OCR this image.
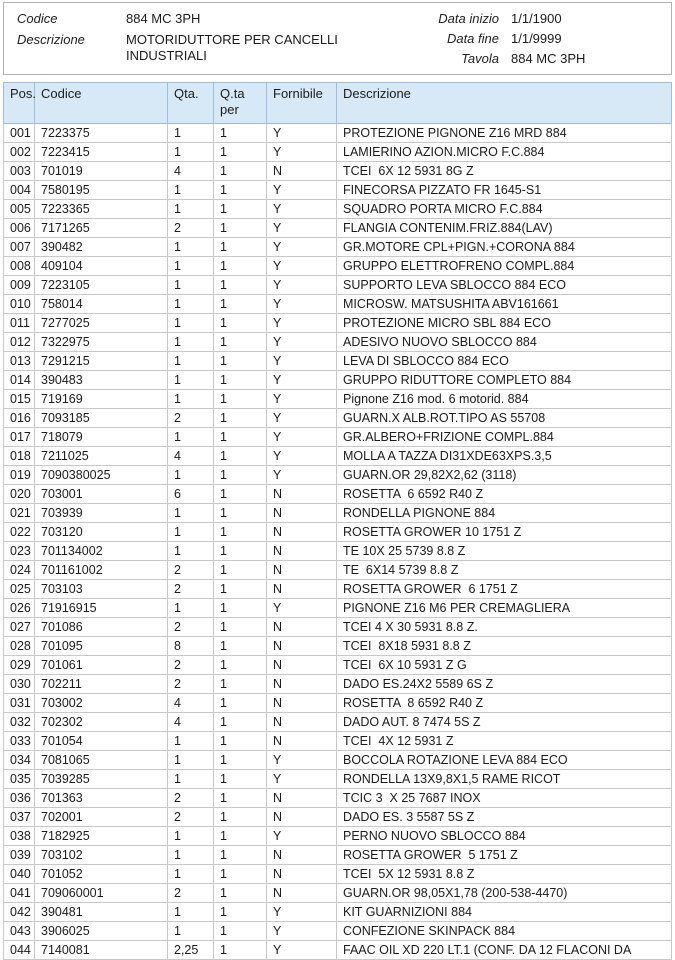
Codice	884 MC 3PH
Descrizione	MOTORIDUTTORE PER CANCELLI INDUSTRIALI
Data inizio 1/1/1900
Data fine 1/1/9999
Tavola 884 MC 3PH
Pos.	Codice	Qta.	Q.ta per	Fornibile	Descrizione
001	7223375	1	1	Y	PROTEZIONE PIGNONE Z16 MRD 884
002	7223415	1	1	Y	LAMIERINO AZION.MICRO F.C.884
003	701019	4	1	N	TCEI  6X 12 5931 8G Z
004	7580195	1	1	Y	FINECORSA PIZZATO FR 1645-S1
005	7223365	1	1	Y	SQUADRO PORTA MICRO F.C.884
006	7171265	2	1	Y	FLANGIA CONTENIM.FRIZ.884(LAV)
007	390482	1	1	Y	GR.MOTORE CPL+PIGN.+CORONA 884
008	409104	1	1	Y	GRUPPO ELETTROFRENO COMPL.884
009	7223105	1	1	Y	SUPPORTO LEVA SBLOCCO 884 ECO
010	758014	1	1	Y	MICROSW. MATSUSHITA ABV161661
011	7277025	1	1	Y	PROTEZIONE MICRO SBL 884 ECO
012	7322975	1	1	Y	ADESIVO NUOVO SBLOCCO 884
013	7291215	1	1	Y	LEVA DI SBLOCCO 884 ECO
014	390483	1	1	Y	GRUPPO RIDUTTORE COMPLETO 884
015	719169	1	1	Y	Pignone Z16 mod. 6 motorid. 884
016	7093185	2	1	Y	GUARN.X ALB.ROT.TIPO AS 55708
017	718079	1	1	Y	GR.ALBERO+FRIZIONE COMPL.884
018	7211025	4	1	Y	MOLLA A TAZZA DI31XDE63XPS.3,5
019	7090380025	1	1	Y	GUARN.OR 29,82X2,62 (3118)
020	703001	6	1	N	ROSETTA  6 6592 R40 Z
021	703939	1	1	N	RONDELLA PIGNONE 884
022	703120	1	1	N	ROSETTA GROWER 10 1751 Z
023	701134002	1	1	N	TE 10X 25 5739 8.8 Z
024	701161002	2	1	N	TE  6X14 5739 8.8 Z
025	703103	2	1	N	ROSETTA GROWER  6 1751 Z
026	71916915	1	1	Y	PIGNONE Z16 M6 PER CREMAGLIERA
027	701086	2	1	N	TCEI 4 X 30 5931 8.8 Z.
028	701095	8	1	N	TCEI  8X18 5931 8.8 Z
029	701061	2	1	N	TCEI  6X 10 5931 Z G
030	702211	2	1	N	DADO ES.24X2 5589 6S Z
031	703002	4	1	N	ROSETTA  8 6592 R40 Z
032	702302	4	1	N	DADO AUT. 8 7474 5S Z
033	701054	1	1	N	TCEI  4X 12 5931 Z
034	7081065	1	1	Y	BOCCOLA ROTAZIONE LEVA 884 ECO
035	7039285	1	1	Y	RONDELLA 13X9,8X1,5 RAME RICOT
036	701363	2	1	N	TCIC 3  X 25 7687 INOX
037	702001	2	1	N	DADO ES. 3 5587 5S Z
038	7182925	1	1	Y	PERNO NUOVO SBLOCCO 884
039	703102	1	1	N	ROSETTA GROWER  5 1751 Z
040	701052	1	1	N	TCEI  5X 12 5931 8.8 Z
041	709060001	2	1	N	GUARN.OR 98,05X1,78 (200-538-4470)
042	390481	1	1	Y	KIT GUARNIZIONI 884
043	3906025	1	1	Y	CONFEZIONE SKINPACK 884
044	7140081	2,25	1	Y	FAAC OIL XD 220 LT.1 (CONF. DA 12 FLACONI DA
